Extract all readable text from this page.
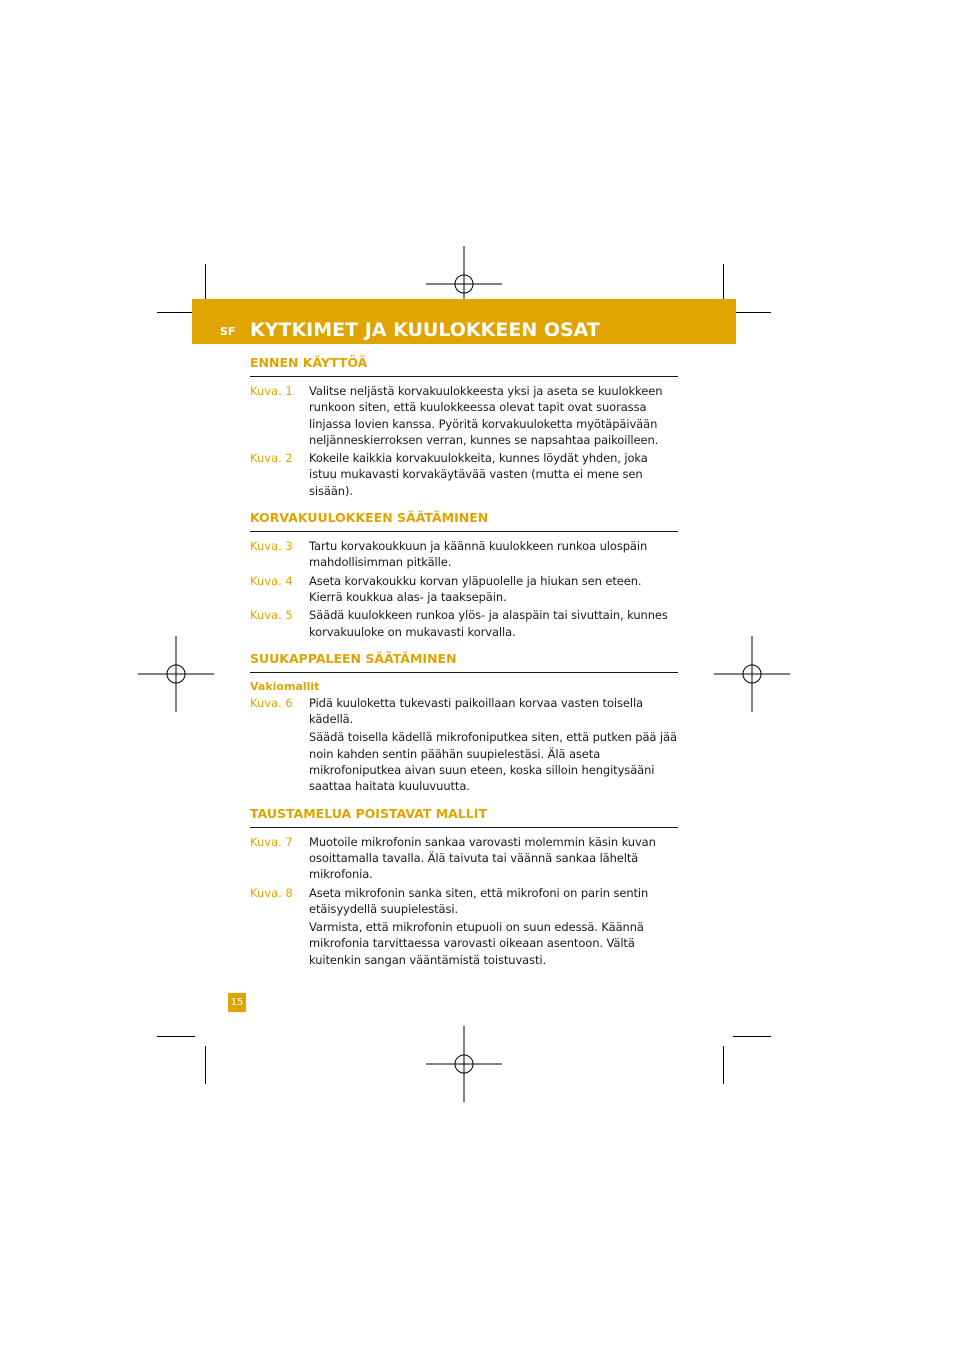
SF KYTKIMET JA KUULOKKEEN OSAT
ENNEN KÄYTTÖÄ
Kuva. 1	Valitse neljästä korvakuulokkeesta yksi ja aseta se kuulokkeen runkoon siten, että kuulokkeessa olevat tapit ovat suorassa linjassa lovien kanssa. Pyöritä korvakuuloketta myötäpäivään neljänneskierroksen verran, kunnes se napsahtaa paikoilleen.
Kuva. 2	Kokeile kaikkia korvakuulokkeita, kunnes löydät yhden, joka istuu mukavasti korvakäytävää vasten (mutta ei mene sen sisään).
KORVAKUULOKKEEN SÄÄTÄMINEN
Kuva. 3	Tartu korvakoukkuun ja käännä kuulokkeen runkoa ulospäin mahdollisimman pitkälle.
Kuva. 4	Aseta korvakoukku korvan yläpuolelle ja hiukan sen eteen. Kierrä koukkua alas- ja taaksepäin.
Kuva. 5	Säädä kuulokkeen runkoa ylös- ja alaspäin tai sivuttain, kunnes korvakuuloke on mukavasti korvalla.
SUUKAPPALEEN SÄÄTÄMINEN
Vakiomallit
Kuva. 6	Pidä kuuloketta tukevasti paikoillaan korvaa vasten toisella kädellä.
Säädä toisella kädellä mikrofoniputkea siten, että putken pää jää noin kahden sentin päähän suupielestäsi. Älä aseta mikrofoniputkea aivan suun eteen, koska silloin hengitysääni saattaa haitata kuuluvuutta.
TAUSTAMELUA POISTAVAT MALLIT
Kuva. 7	Muotoile mikrofonin sankaa varovasti molemmin käsin kuvan osoittamalla tavalla. Älä taivuta tai väännä sankaa läheltä mikrofonia.
Kuva. 8	Aseta mikrofonin sanka siten, että mikrofoni on parin sentin etäisyydellä suupielestäsi.
Varmista, että mikrofonin etupuoli on suun edessä. Käännä mikrofonia tarvittaessa varovasti oikeaan asentoon. Vältä kuitenkin sangan vääntämistä toistuvasti.
15
